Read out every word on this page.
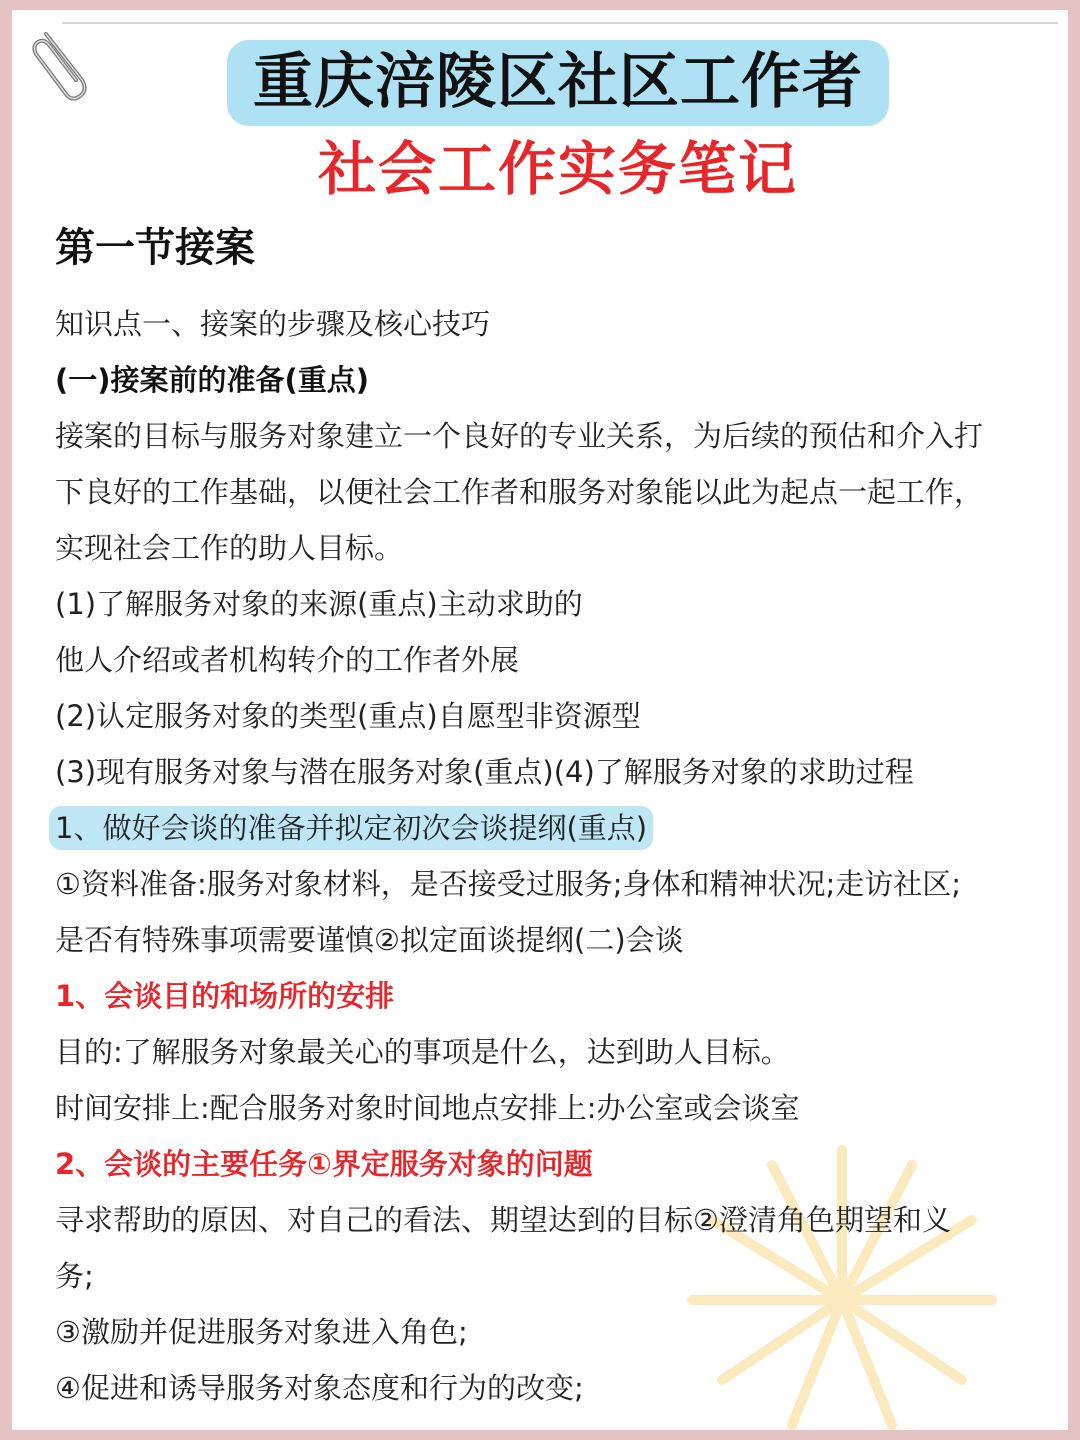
重庆涪陵区社区工作者
社会工作实务笔记
第一节接案
知识点一、接案的步骤及核心技巧
(一)接案前的准备(重点)
接案的目标与服务对象建立一个良好的专业关系，为后续的预估和介入打
下良好的工作基础，以便社会工作者和服务对象能以此为起点一起工作，
实现社会工作的助人目标。
(1)了解服务对象的来源(重点)主动求助的
他人介绍或者机构转介的工作者外展
(2)认定服务对象的类型(重点)自愿型非资源型
(3)现有服务对象与潜在服务对象(重点)(4)了解服务对象的求助过程
1、做好会谈的准备并拟定初次会谈提纲(重点)
①资料准备:服务对象材料，是否接受过服务;身体和精神状况;走访社区;
是否有特殊事项需要谨慎②拟定面谈提纲(二)会谈
1、会谈目的和场所的安排
目的:了解服务对象最关心的事项是什么，达到助人目标。
时间安排上:配合服务对象时间地点安排上:办公室或会谈室
2、会谈的主要任务①界定服务对象的问题
寻求帮助的原因、对自己的看法、期望达到的目标②澄清角色期望和义
务;
③激励并促进服务对象进入角色;
④促进和诱导服务对象态度和行为的改变;
